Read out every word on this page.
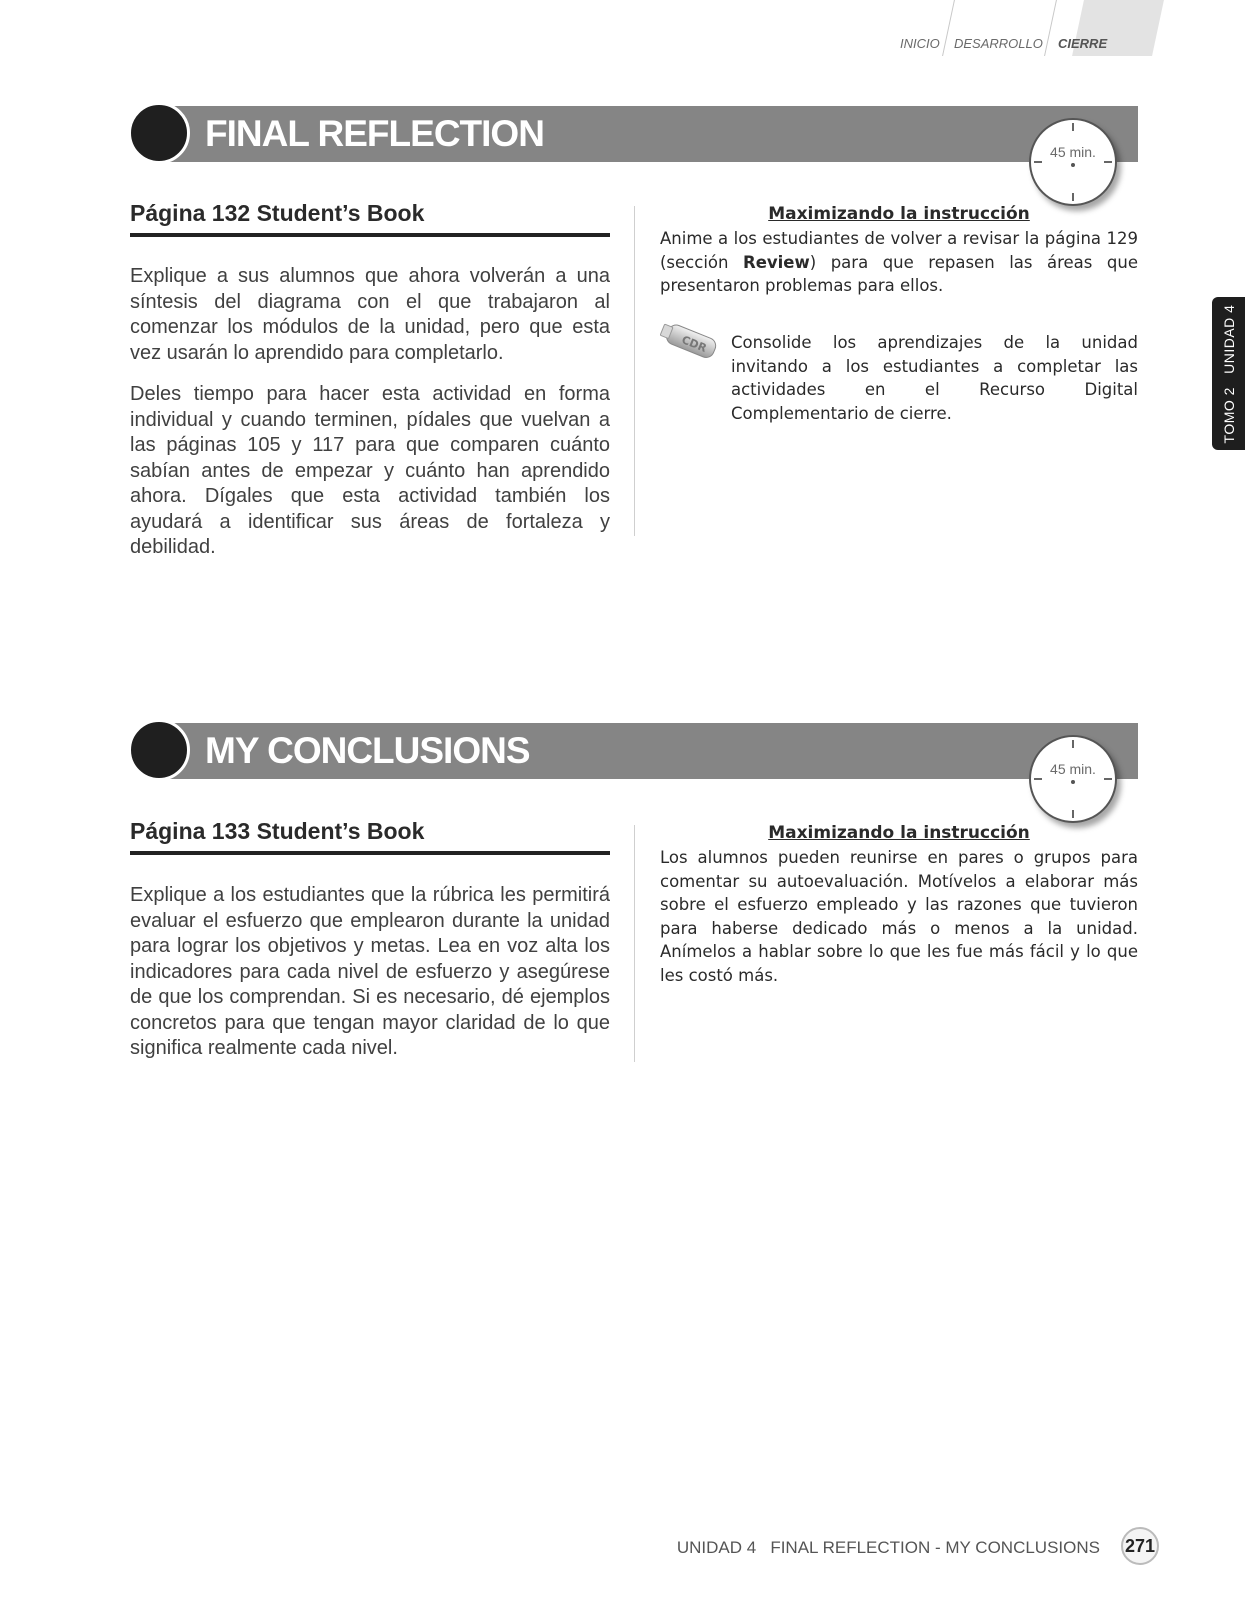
INICIO DESARROLLO CIERRE
TOMO 2   UNIDAD 4
FINAL REFLECTION	45 min.
Página 132 Student’s Book

Explique a sus alumnos que ahora volverán a una síntesis del diagrama con el que trabajaron al comenzar los módulos de la unidad, pero que esta vez usarán lo aprendido para completarlo.

Deles tiempo para hacer esta actividad en forma individual y cuando terminen, pídales que vuelvan a las páginas 105 y 117 para que comparen cuánto sabían antes de empezar y cuánto han aprendido ahora. Dígales que esta actividad también los ayudará a identificar sus áreas de fortaleza y debilidad.

Maximizando la instrucción

Anime a los estudiantes de volver a revisar la página 129 (sección Review) para que repasen las áreas que presentaron problemas para ellos.

CDR Consolide los aprendizajes de la unidad invitando a los estudiantes a completar las actividades en el Recurso Digital Complementario de cierre.

MY CONCLUSIONS	45 min.
Página 133 Student’s Book

Explique a los estudiantes que la rúbrica les permitirá evaluar el esfuerzo que emplearon durante la unidad para lograr los objetivos y metas. Lea en voz alta los indicadores para cada nivel de esfuerzo y asegúrese de que los comprendan. Si es necesario, dé ejemplos concretos para que tengan mayor claridad de lo que significa realmente cada nivel.

Maximizando la instrucción

Los alumnos pueden reunirse en pares o grupos para comentar su autoevaluación. Motívelos a elaborar más sobre el esfuerzo empleado y las razones que tuvieron para haberse dedicado más o menos a la unidad. Anímelos a hablar sobre lo que les fue más fácil y lo que les costó más.

UNIDAD 4   FINAL REFLECTION - MY CONCLUSIONS 271
